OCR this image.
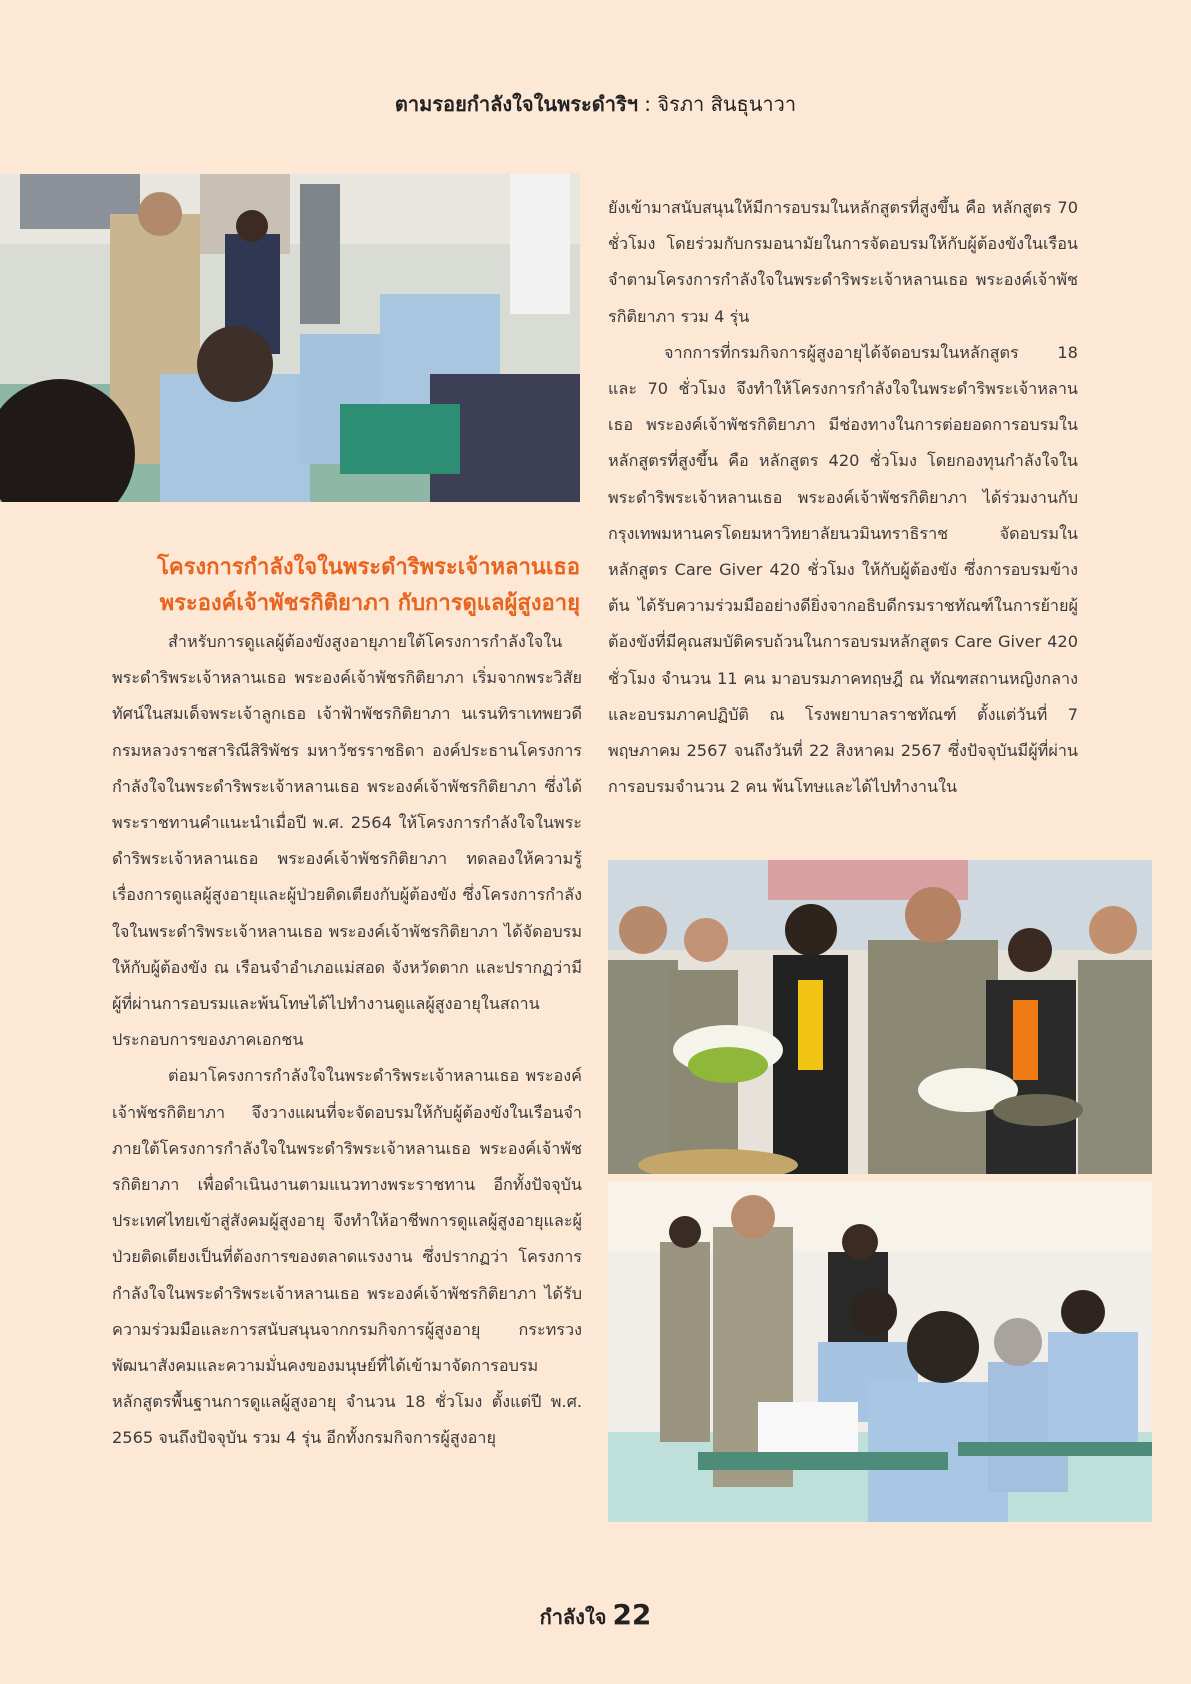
ตามรอยกำลังใจในพระดำริฯ : จิรภา สินธุนาวา
โครงการกำลังใจในพระดำริพระเจ้าหลานเธอ
พระองค์เจ้าพัชรกิติยาภา กับการดูแลผู้สูงอายุ

สำหรับการดูแลผู้ต้องขังสูงอายุภายใต้โครงการกำลังใจในพระดำริพระเจ้าหลานเธอ พระองค์เจ้าพัชรกิติยาภา เริ่มจากพระวิสัยทัศน์ในสมเด็จพระเจ้าลูกเธอ เจ้าฟ้าพัชรกิติยาภา นเรนทิราเทพยวดี กรมหลวงราชสาริณีสิริพัชร มหาวัชรราชธิดา องค์ประธานโครงการกำลังใจในพระดำริพระเจ้าหลานเธอ พระองค์เจ้าพัชรกิติยาภา ซึ่งได้พระราชทานคำแนะนำเมื่อปี พ.ศ. 2564 ให้โครงการกำลังใจในพระดำริพระเจ้าหลานเธอ พระองค์เจ้าพัชรกิติยาภา ทดลองให้ความรู้เรื่องการดูแลผู้สูงอายุและผู้ป่วยติดเตียงกับผู้ต้องขัง ซึ่งโครงการกำลังใจในพระดำริพระเจ้าหลานเธอ พระองค์เจ้าพัชรกิติยาภา ได้จัดอบรมให้กับผู้ต้องขัง ณ เรือนจำอำเภอแม่สอด จังหวัดตาก และปรากฏว่ามีผู้ที่ผ่านการอบรมและพ้นโทษได้ไปทำงานดูแลผู้สูงอายุในสถานประกอบการของภาคเอกชน

ต่อมาโครงการกำลังใจในพระดำริพระเจ้าหลานเธอ พระองค์เจ้าพัชรกิติยาภา จึงวางแผนที่จะจัดอบรมให้กับผู้ต้องขังในเรือนจำภายใต้โครงการกำลังใจในพระดำริพระเจ้าหลานเธอ พระองค์เจ้าพัชรกิติยาภา เพื่อดำเนินงานตามแนวทางพระราชทาน อีกทั้งปัจจุบันประเทศไทยเข้าสู่สังคมผู้สูงอายุ จึงทำให้อาชีพการดูแลผู้สูงอายุและผู้ป่วยติดเตียงเป็นที่ต้องการของตลาดแรงงาน ซึ่งปรากฏว่า โครงการกำลังใจในพระดำริพระเจ้าหลานเธอ พระองค์เจ้าพัชรกิติยาภา ได้รับความร่วมมือและการสนับสนุนจากกรมกิจการผู้สูงอายุ กระทรวงพัฒนาสังคมและความมั่นคงของมนุษย์ที่ได้เข้ามาจัดการอบรมหลักสูตรพื้นฐานการดูแลผู้สูงอายุ จำนวน 18 ชั่วโมง ตั้งแต่ปี พ.ศ. 2565 จนถึงปัจจุบัน รวม 4 รุ่น อีกทั้งกรมกิจการผู้สูงอายุ

ยังเข้ามาสนับสนุนให้มีการอบรมในหลักสูตรที่สูงขึ้น คือ หลักสูตร 70 ชั่วโมง โดยร่วมกับกรมอนามัยในการจัดอบรมให้กับผู้ต้องขังในเรือนจำตามโครงการกำลังใจในพระดำริพระเจ้าหลานเธอ พระองค์เจ้าพัชรกิติยาภา รวม 4 รุ่น

จากการที่กรมกิจการผู้สูงอายุได้จัดอบรมในหลักสูตร 18 และ 70 ชั่วโมง จึงทำให้โครงการกำลังใจในพระดำริพระเจ้าหลานเธอ พระองค์เจ้าพัชรกิติยาภา มีช่องทางในการต่อยอดการอบรมในหลักสูตรที่สูงขึ้น คือ หลักสูตร 420 ชั่วโมง โดยกองทุนกำลังใจในพระดำริพระเจ้าหลานเธอ พระองค์เจ้าพัชรกิติยาภา ได้ร่วมงานกับกรุงเทพมหานครโดยมหาวิทยาลัยนวมินทราธิราช จัดอบรมในหลักสูตร Care Giver 420 ชั่วโมง ให้กับผู้ต้องขัง ซึ่งการอบรมข้างต้น ได้รับความร่วมมืออย่างดียิ่งจากอธิบดีกรมราชทัณฑ์ในการย้ายผู้ต้องขังที่มีคุณสมบัติครบถ้วนในการอบรมหลักสูตร Care Giver 420 ชั่วโมง จำนวน 11 คน มาอบรมภาคทฤษฎี ณ ทัณฑสถานหญิงกลาง และอบรมภาคปฏิบัติ ณ โรงพยาบาลราชทัณฑ์ ตั้งแต่วันที่ 7 พฤษภาคม 2567 จนถึงวันที่ 22 สิงหาคม 2567 ซึ่งปัจจุบันมีผู้ที่ผ่านการอบรมจำนวน 2 คน พ้นโทษและได้ไปทำงานใน

กำลังใจ 22
